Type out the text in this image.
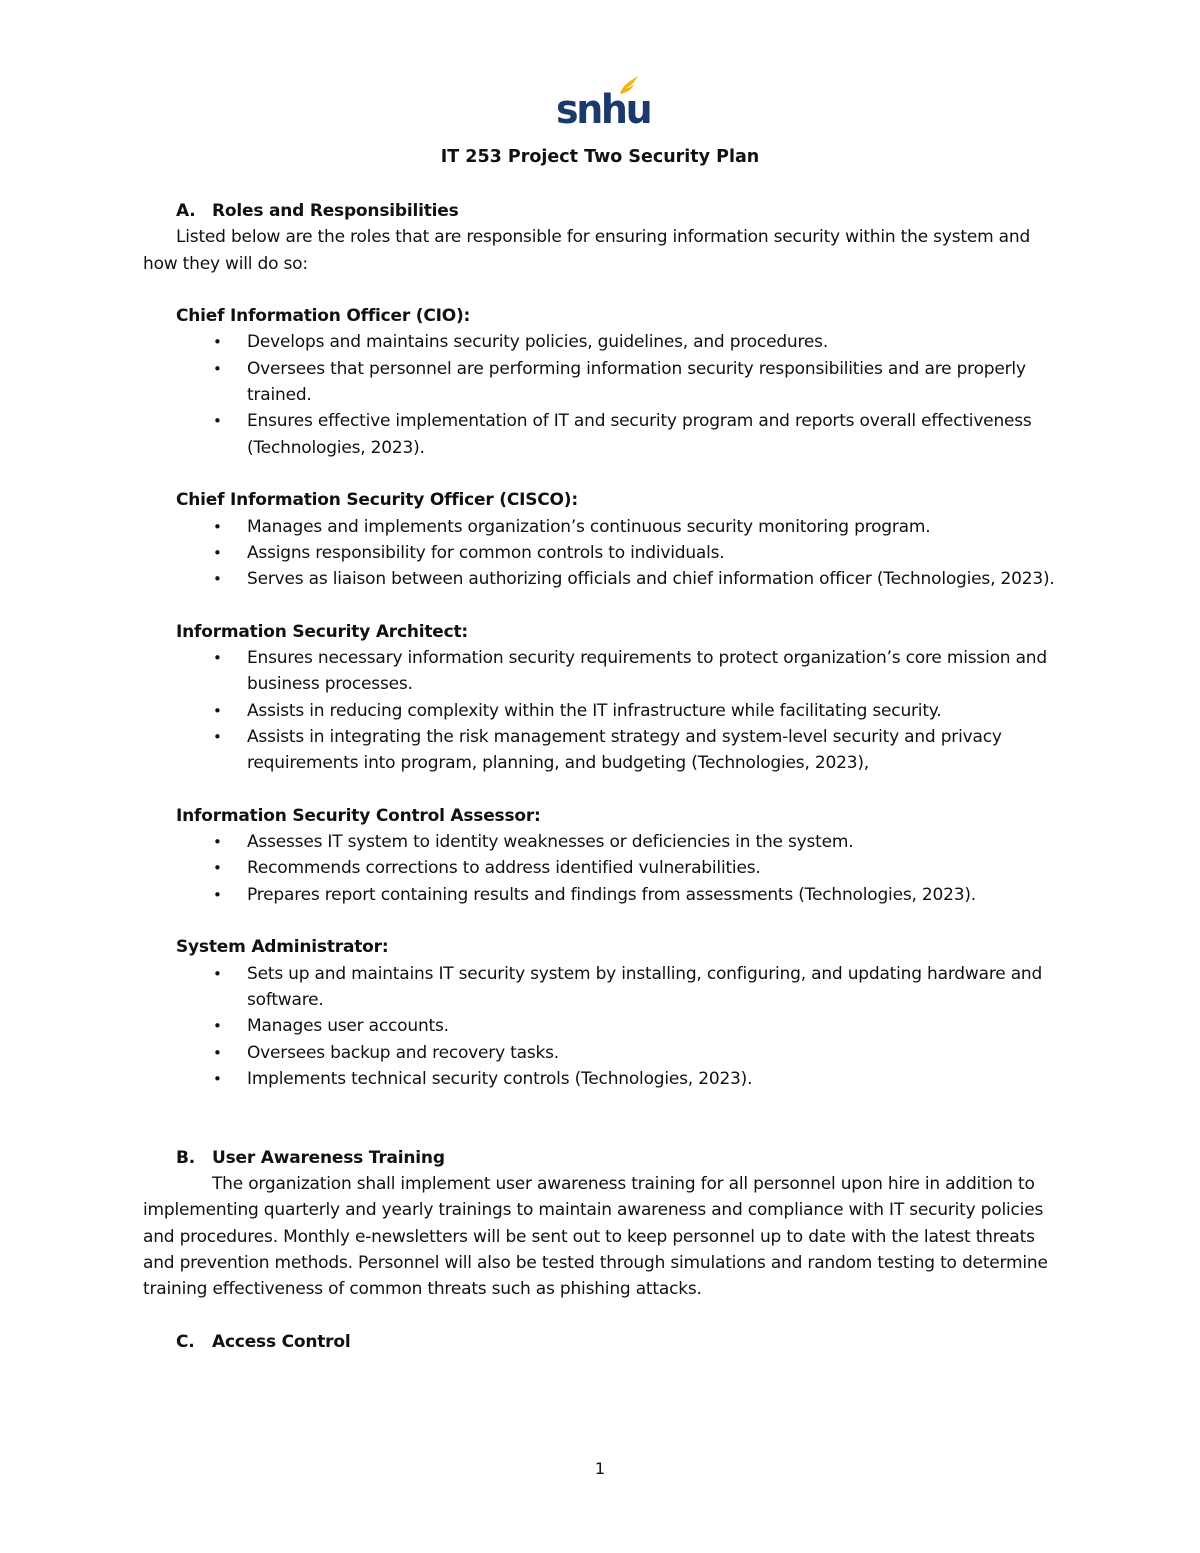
snhu
IT 253 Project Two Security Plan

A. Roles and Responsibilities

Listed below are the roles that are responsible for ensuring information security within the system and how they will do so:

Chief Information Officer (CIO):

• Develops and maintains security policies, guidelines, and procedures.
• Oversees that personnel are performing information security responsibilities and are properly trained.
• Ensures effective implementation of IT and security program and reports overall effectiveness (Technologies, 2023).

Chief Information Security Officer (CISCO):

• Manages and implements organization’s continuous security monitoring program.
• Assigns responsibility for common controls to individuals.
• Serves as liaison between authorizing officials and chief information officer (Technologies, 2023).

Information Security Architect:

• Ensures necessary information security requirements to protect organization’s core mission and business processes.
• Assists in reducing complexity within the IT infrastructure while facilitating security.
• Assists in integrating the risk management strategy and system-level security and privacy requirements into program, planning, and budgeting (Technologies, 2023),

Information Security Control Assessor:

• Assesses IT system to identity weaknesses or deficiencies in the system.
• Recommends corrections to address identified vulnerabilities.
• Prepares report containing results and findings from assessments (Technologies, 2023).

System Administrator:

• Sets up and maintains IT security system by installing, configuring, and updating hardware and software.
• Manages user accounts.
• Oversees backup and recovery tasks.
• Implements technical security controls (Technologies, 2023).

B. User Awareness Training

The organization shall implement user awareness training for all personnel upon hire in addition to implementing quarterly and yearly trainings to maintain awareness and compliance with IT security policies and procedures. Monthly e-newsletters will be sent out to keep personnel up to date with the latest threats and prevention methods. Personnel will also be tested through simulations and random testing to determine training effectiveness of common threats such as phishing attacks.

C. Access Control

1
